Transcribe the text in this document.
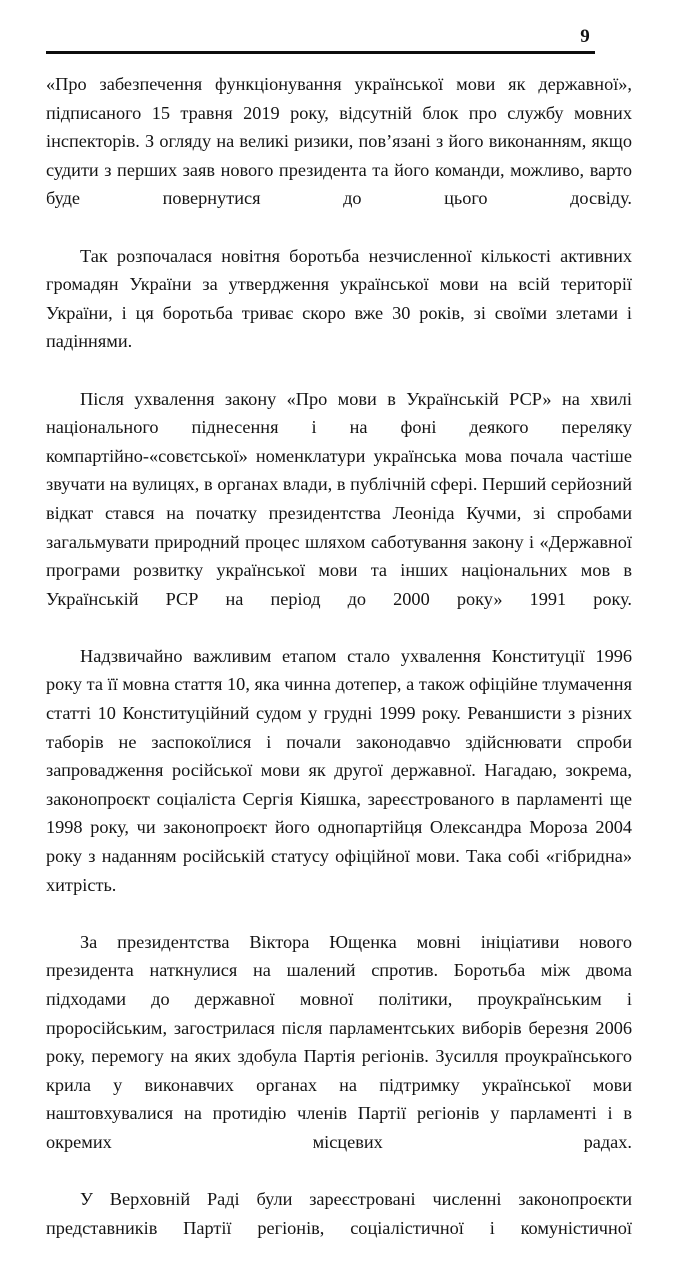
9

«Про забезпечення функціонування української мови як державної», підписаного 15 травня 2019 року, відсутній блок про службу мовних інспекторів. З огляду на великі ризики, пов’язані з його виконанням, якщо судити з перших заяв нового президента та його команди, можливо, варто буде повернутися до цього досвіду.

Так розпочалася новітня боротьба незчисленної кількості активних громадян України за утвердження української мови на всій території України, і ця боротьба триває скоро вже 30 років, зі своїми злетами і падіннями.

Після ухвалення закону «Про мови в Українській РСР» на хвилі національного піднесення і на фоні деякого переляку компартійно-«совєтської» номенклатури українська мова почала частіше звучати на вулицях, в органах влади, в публічній сфері. Перший серйозний відкат стався на початку президентства Леоніда Кучми, зі спробами загальмувати природний процес шляхом саботування закону і «Державної програми розвитку української мови та інших національних мов в Українській РСР на період до 2000 року» 1991 року.

Надзвичайно важливим етапом стало ухвалення Конституції 1996 року та її мовна стаття 10, яка чинна дотепер, а також офіційне тлумачення статті 10 Конституційний судом у грудні 1999 року. Реваншисти з різних таборів не заспокоїлися і почали законодавчо здійснювати спроби запровадження російської мови як другої державної. Нагадаю, зокрема, законопроєкт соціаліста Сергія Кіяшка, зареєстрованого в парламенті ще 1998 року, чи законопроєкт його однопартійця Олександра Мороза 2004 року з наданням російській статусу офіційної мови. Така собі «гібридна» хитрість.

За президентства Віктора Ющенка мовні ініціативи нового президента наткнулися на шалений спротив. Боротьба між двома підходами до державної мовної політики, проукраїнським і проросійським, загострилася після парламентських виборів березня 2006 року, перемогу на яких здобула Партія регіонів. Зусилля проукраїнського крила у виконавчих органах на підтримку української мови наштовхувалися на протидію членів Партії регіонів у парламенті і в окремих місцевих радах.

У Верховній Раді були зареєстровані численні законопроєкти представників Партії регіонів, соціалістичної і комуністичної
